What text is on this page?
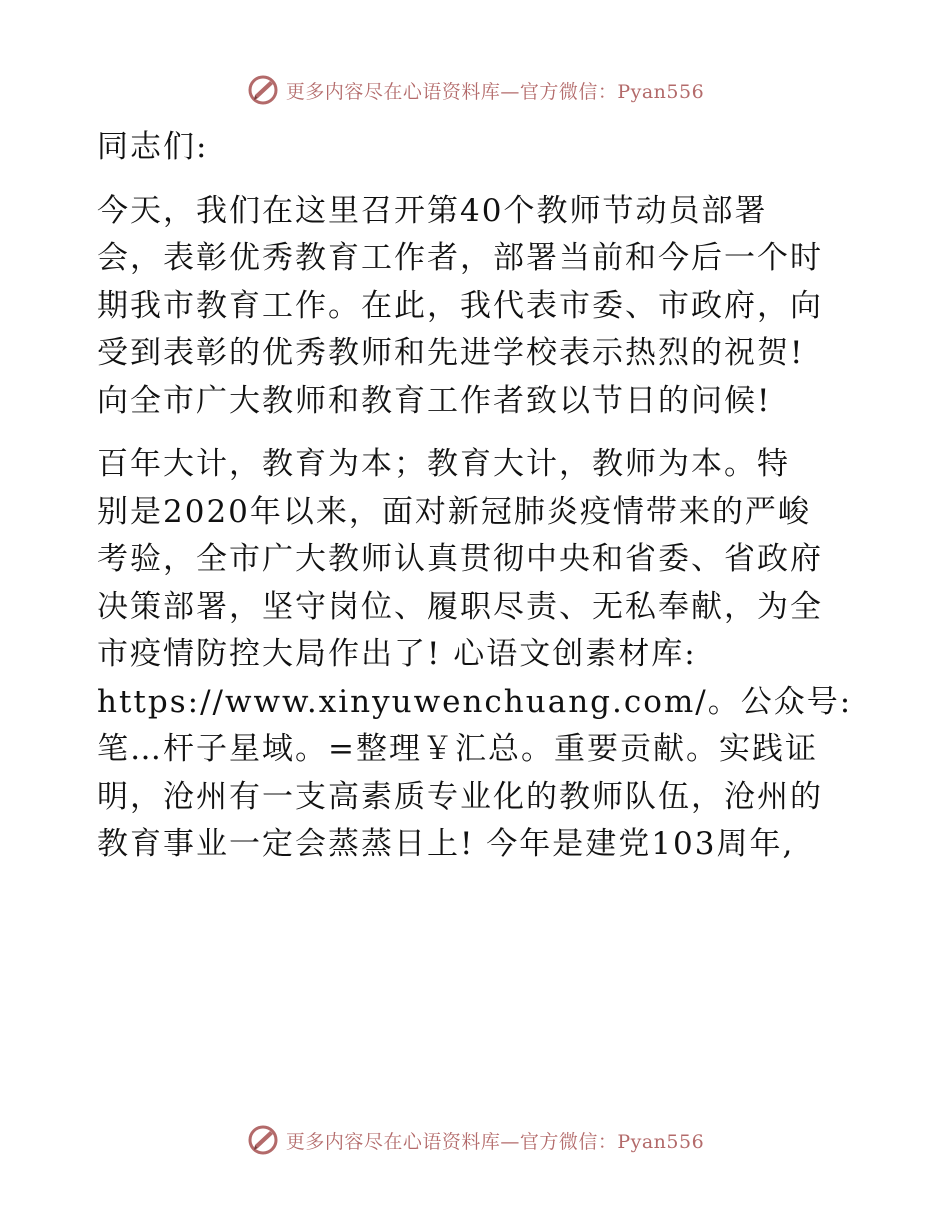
更多内容尽在心语资料库—官方微信：Pyan556

同志们:

今天，我们在这里召开第40个教师节动员部署

会，表彰优秀教育工作者，部署当前和今后一个时

期我市教育工作。在此，我代表市委、市政府，向

受到表彰的优秀教师和先进学校表示热烈的祝贺!

向全市广大教师和教育工作者致以节日的问候!

百年大计，教育为本；教育大计，教师为本。特

别是2020年以来，面对新冠肺炎疫情带来的严峻

考验，全市广大教师认真贯彻中央和省委、省政府

决策部署，坚守岗位、履职尽责、无私奉献，为全

市疫情防控大局作出了! 心语文创素材库:

https://www.xinyuwenchuang.com/。公众号:

笔…杆子星域。=整理￥汇总。重要贡献。实践证

明，沧州有一支高素质专业化的教师队伍，沧州的

教育事业一定会蒸蒸日上! 今年是建党103周年,

更多内容尽在心语资料库—官方微信：Pyan556
